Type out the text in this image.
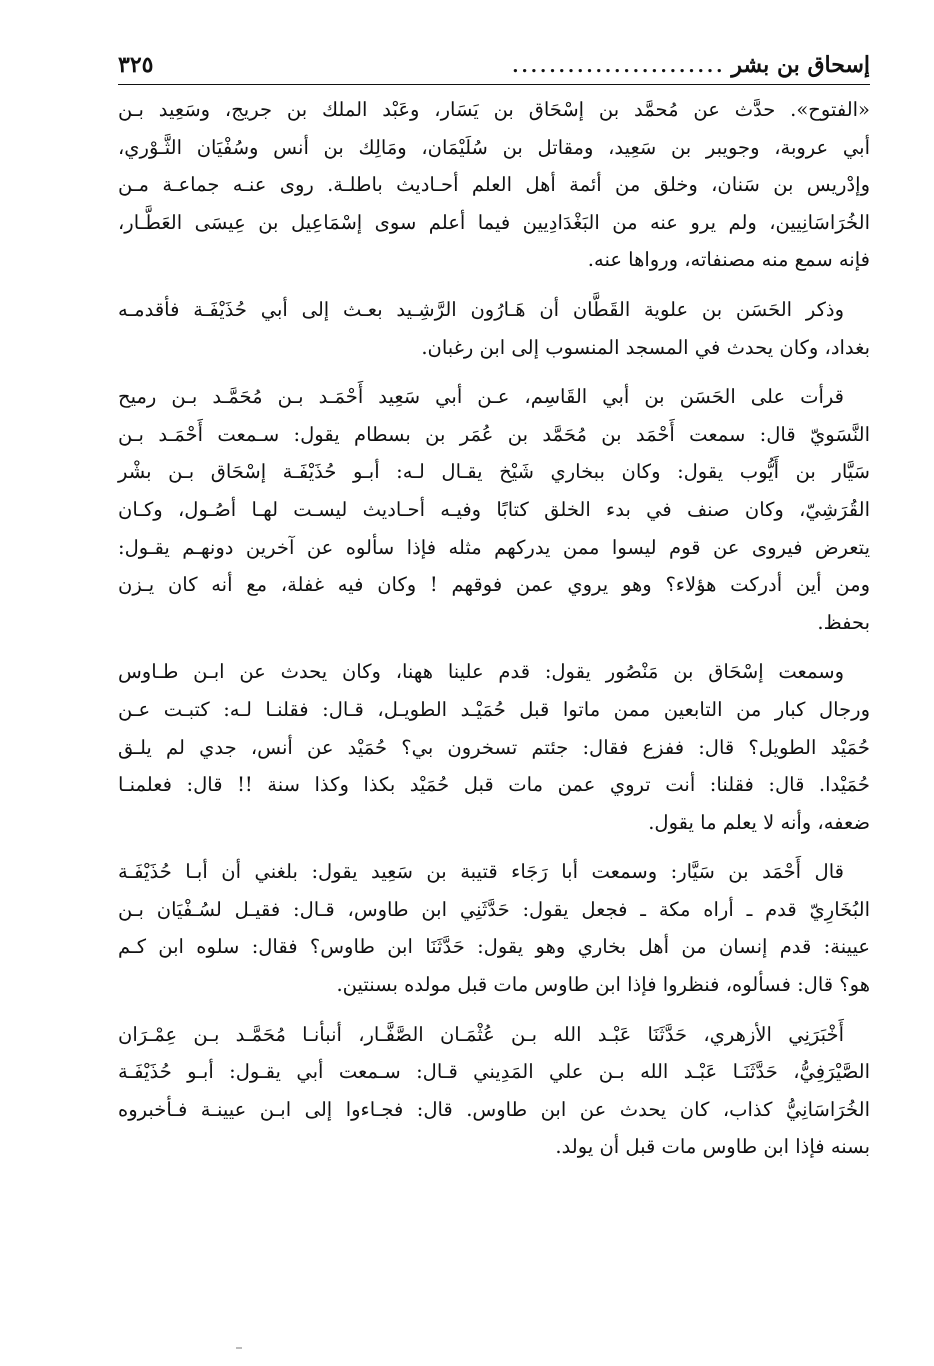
إسحاق بن بشر
.......................
٣٢٥

«الفتوح». حدَّث عن مُحمَّد بن إسْحَاق بن يَسَار، وعَبْد الملك بن جريج، وسَعِيد بـن
أبي عروبة، وجويبر بن سَعِيد، ومقاتل بن سُلَيْمَان، ومَالِك بن أنس وسُفْيَان الثَّـوْري،
وإدْريس بن سَنان، وخلق من أئمة أهل العلم أحـاديث باطلـة. روى عنـه جماعـة مـن
الخُرَاسَانِيين، ولم يرو عنه من البَغْدَادِيين فيما أعلم سوى إسْمَاعِيل بن عِيسَى العَطَّـار،
فإنه سمع منه مصنفاته، ورواها عنه.

وذكر الحَسَن بن علوية القَطَّان أن هَـارُون الرَّشِـيد بعـث إلى أبي حُذَيْفَـة فأقدمـه
بغداد، وكان يحدث في المسجد المنسوب إلى ابن رغبان.

قرأت على الحَسَن بن أبي القَاسِم، عـن أبي سَعِيد أَحْمَـد بـن مُحَمَّـد بـن رميح
النَّسَويّ قال: سمعت أَحْمَد بن مُحَمَّد بن عُمَر بن بسطام يقول: سـمعت أَحْمَـد بـن
سَيَّار بن أَيُّوب يقول: وكان ببخاري شَيْخ يقـال لـه: أبـو حُذَيْفَـة إسْحَاق بـن بشْر
القُرَشِيّ، وكان صنف في بدء الخلق كتابًا وفيـه أحـاديث ليسـت لهـا أصُـول، وكـان
يتعرض فيروى عن قوم ليسوا ممن يدركهم مثله فإذا سألوه عن آخرين دونهـم يقـول:
ومن أين أدركت هؤلاء؟ وهو يروي عمن فوقهم ! وكان فيه غفلة، مع أنه كان يـزن
بحفظ.

وسمعت إسْحَاق بن مَنْصُور يقول: قدم علينا ههنا، وكان يحدث عن ابـن طـاوس
ورجال كبار من التابعين ممن ماتوا قبل حُمَيْـد الطويـل، قـال: فقلنـا لـه: كتبـت عـن
حُمَيْد الطويل؟ قال: ففزع فقال: جئتم تسخرون بي؟ حُمَيْد عن أنس، جدي لم يلـق
حُمَيْدا. قال: فقلنا: أنت تروي عمن مات قبل حُمَيْد بكذا وكذا سنة !! قال: فعلمنـا
ضعفه، وأنه لا يعلم ما يقول.

قال أَحْمَد بن سَيَّار: وسمعت أبا رَجَاء قتيبة بن سَعِيد يقول: بلغني أن أبـا حُذَيْفَـة
البُخَارِيّ قدم ـ أراه مكة ـ فجعل يقول: حَدَّثَنِي ابن طاوس، قـال: فقيـل لسُـفْيَان بـن
عيينة: قدم إنسان من أهل بخاري وهو يقول: حَدَّثَنَا ابن طاوس؟ فقال: سلوه ابن كـم
هو؟ قال: فسألوه، فنظروا فإذا ابن طاوس مات قبل مولده بسنتين.

أَخْبَرَنِي الأزهري، حَدَّثَنَا عَبْـد الله بـن عُثْمَـان الصَّفَّـار، أنبأنـا مُحَمَّـد بـن عِمْـرَان
الصَّيْرَفِيُّ، حَدَّثَنَـا عَبْـد الله بـن علي المَدِيني قـال: سـمعت أبي يقـول: أبـو حُذَيْفَـة
الخُرَاسَانِيُّ كذاب، كان يحدث عن ابن طاوس. قال: فجـاءوا إلى ابـن عيينـة فـأخبروه
بسنه فإذا ابن طاوس مات قبل أن يولد.
